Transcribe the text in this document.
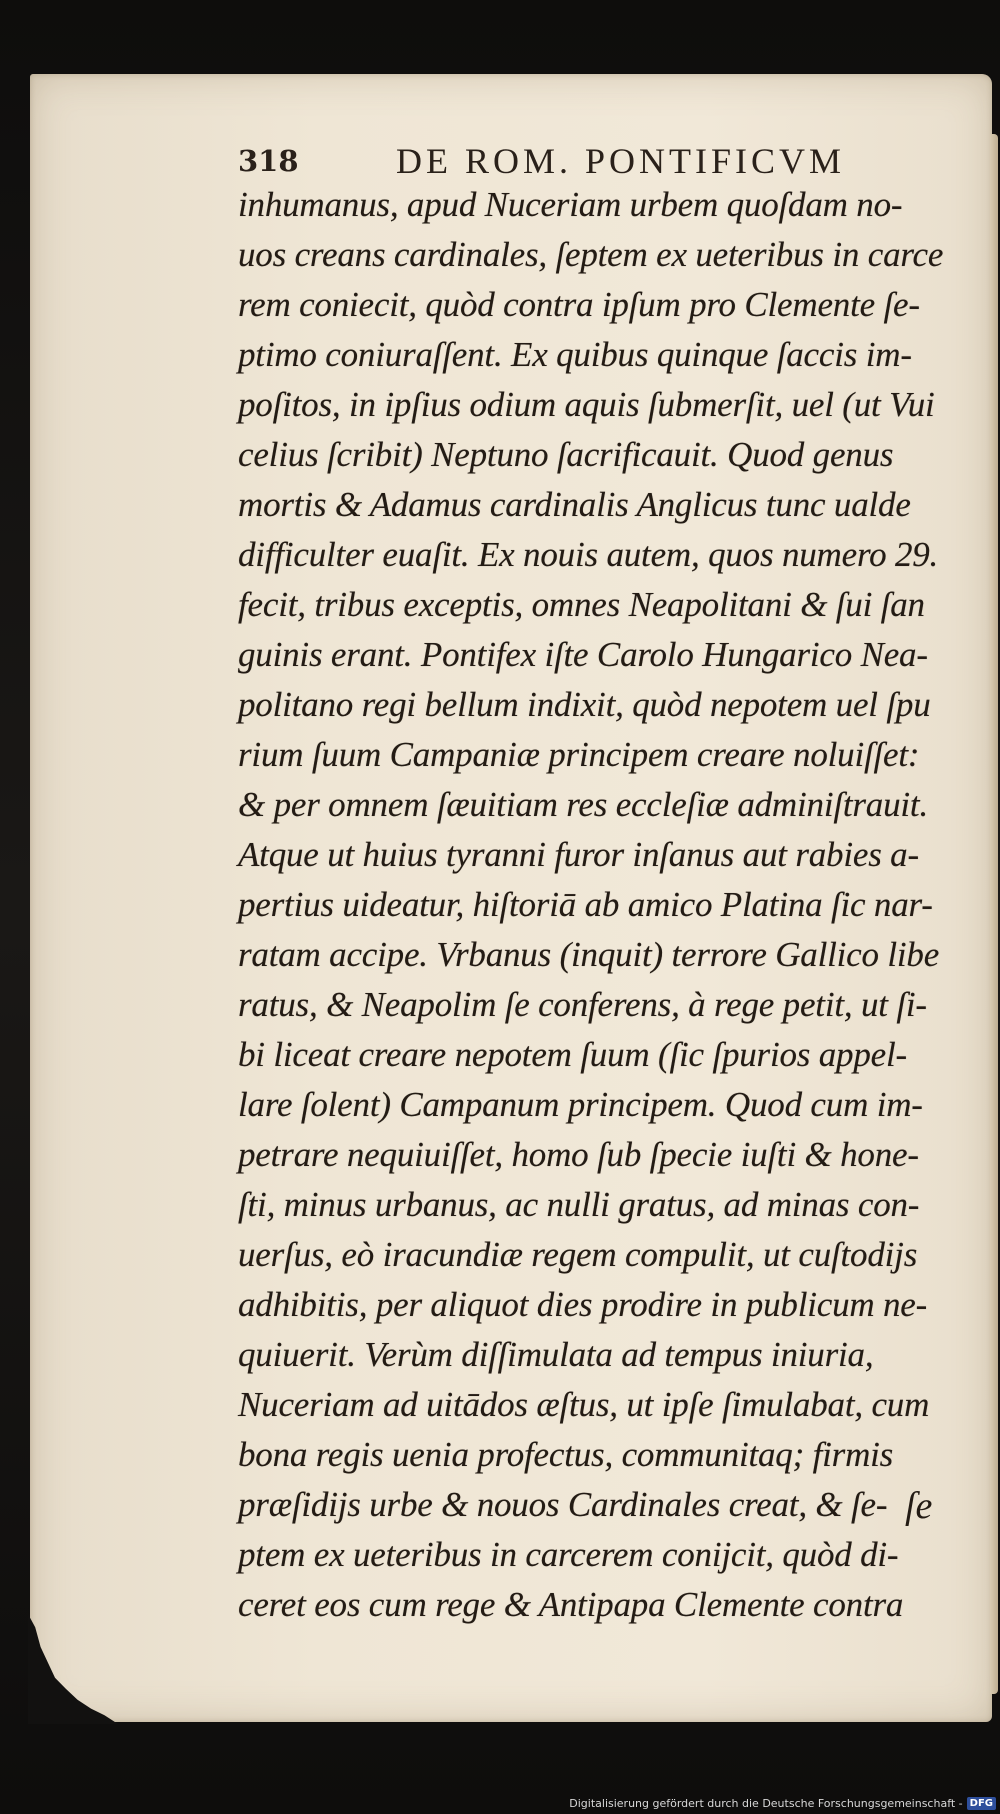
318	DE ROM. PONTIFICVM
inhumanus, apud Nuceriam urbem quoſdam no-
uos creans cardinales, ſeptem ex ueteribus in carce
rem coniecit, quòd contra ipſum pro Clemente ſe-
ptimo coniuraſſent. Ex quibus quinque ſaccis im-
poſitos, in ipſius odium aquis ſubmerſit, uel (ut Vui
celius ſcribit) Neptuno ſacrificauit. Quod genus
mortis & Adamus cardinalis Anglicus tunc ualde
difficulter euaſit. Ex nouis autem, quos numero 29.
fecit, tribus exceptis, omnes Neapolitani & ſui ſan
guinis erant. Pontifex iſte Carolo Hungarico Nea-
politano regi bellum indixit, quòd nepotem uel ſpu
rium ſuum Campaniæ principem creare noluiſſet:
& per omnem ſæuitiam res eccleſiæ adminiſtrauit.
Atque ut huius tyranni furor inſanus aut rabies a-
pertius uideatur, hiſtoriā ab amico Platina ſic nar-
ratam accipe. Vrbanus (inquit) terrore Gallico libe
ratus, & Neapolim ſe conferens, à rege petit, ut ſi-
bi liceat creare nepotem ſuum (ſic ſpurios appel-
lare ſolent) Campanum principem. Quod cum im-
petrare nequiuiſſet, homo ſub ſpecie iuſti & hone-
ſti, minus urbanus, ac nulli gratus, ad minas con-
uerſus, eò iracundiæ regem compulit, ut cuſtodijs
adhibitis, per aliquot dies prodire in publicum ne-
quiuerit. Verùm diſſimulata ad tempus iniuria,
Nuceriam ad uitādos æſtus, ut ipſe ſimulabat, cum
bona regis uenia profectus, communitaq; firmis
præſidijs urbe & nouos Cardinales creat, & ſe-
ptem ex ueteribus in carcerem conijcit, quòd di-
ceret eos cum rege & Antipapa Clemente contra
ſe
Digitalisierung gefördert durch die Deutsche Forschungsgemeinschaft - DFG
